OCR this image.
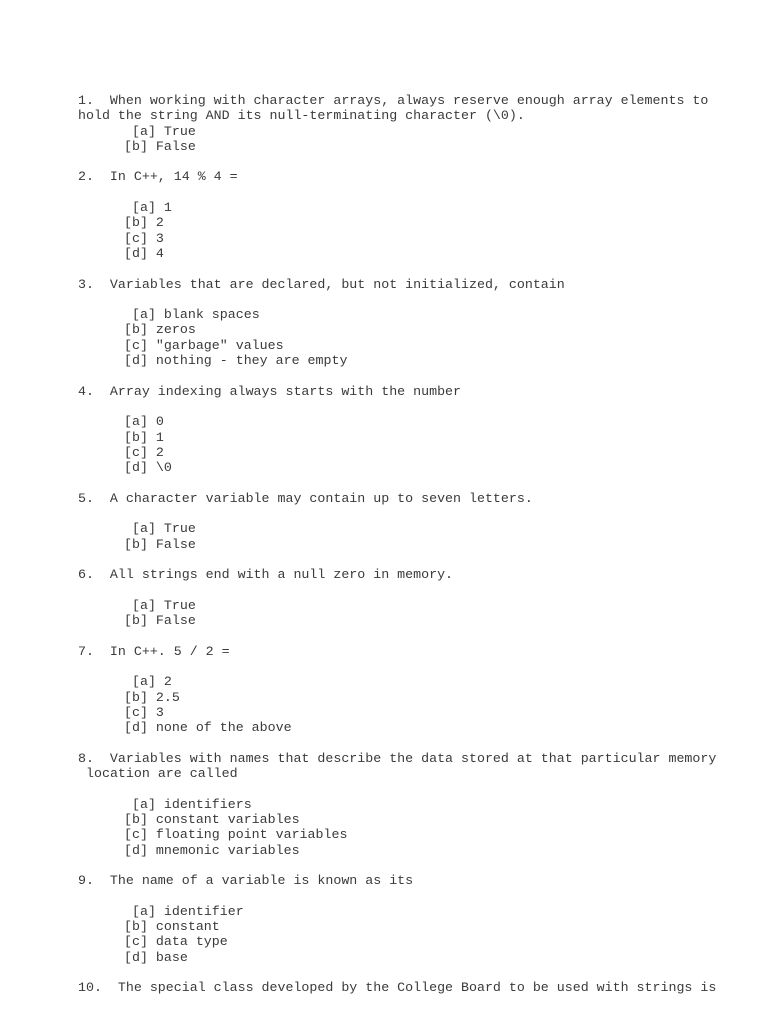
1.  When working with character arrays, always reserve enough array elements to
hold the string AND its null-terminating character (\0).
[a] True
[b] False
2.  In C++, 14 % 4 =
[a] 1
[b] 2
[c] 3
[d] 4
3.  Variables that are declared, but not initialized, contain
[a] blank spaces
[b] zeros
[c] "garbage" values
[d] nothing - they are empty
4.  Array indexing always starts with the number
[a] 0
[b] 1
[c] 2
[d] \0
5.  A character variable may contain up to seven letters.
[a] True
[b] False
6.  All strings end with a null zero in memory.
[a] True
[b] False
7.  In C++. 5 / 2 =
[a] 2
[b] 2.5
[c] 3
[d] none of the above
8.  Variables with names that describe the data stored at that particular memory
location are called
[a] identifiers
[b] constant variables
[c] floating point variables
[d] mnemonic variables
9.  The name of a variable is known as its
[a] identifier
[b] constant
[c] data type
[d] base
10.  The special class developed by the College Board to be used with strings is
